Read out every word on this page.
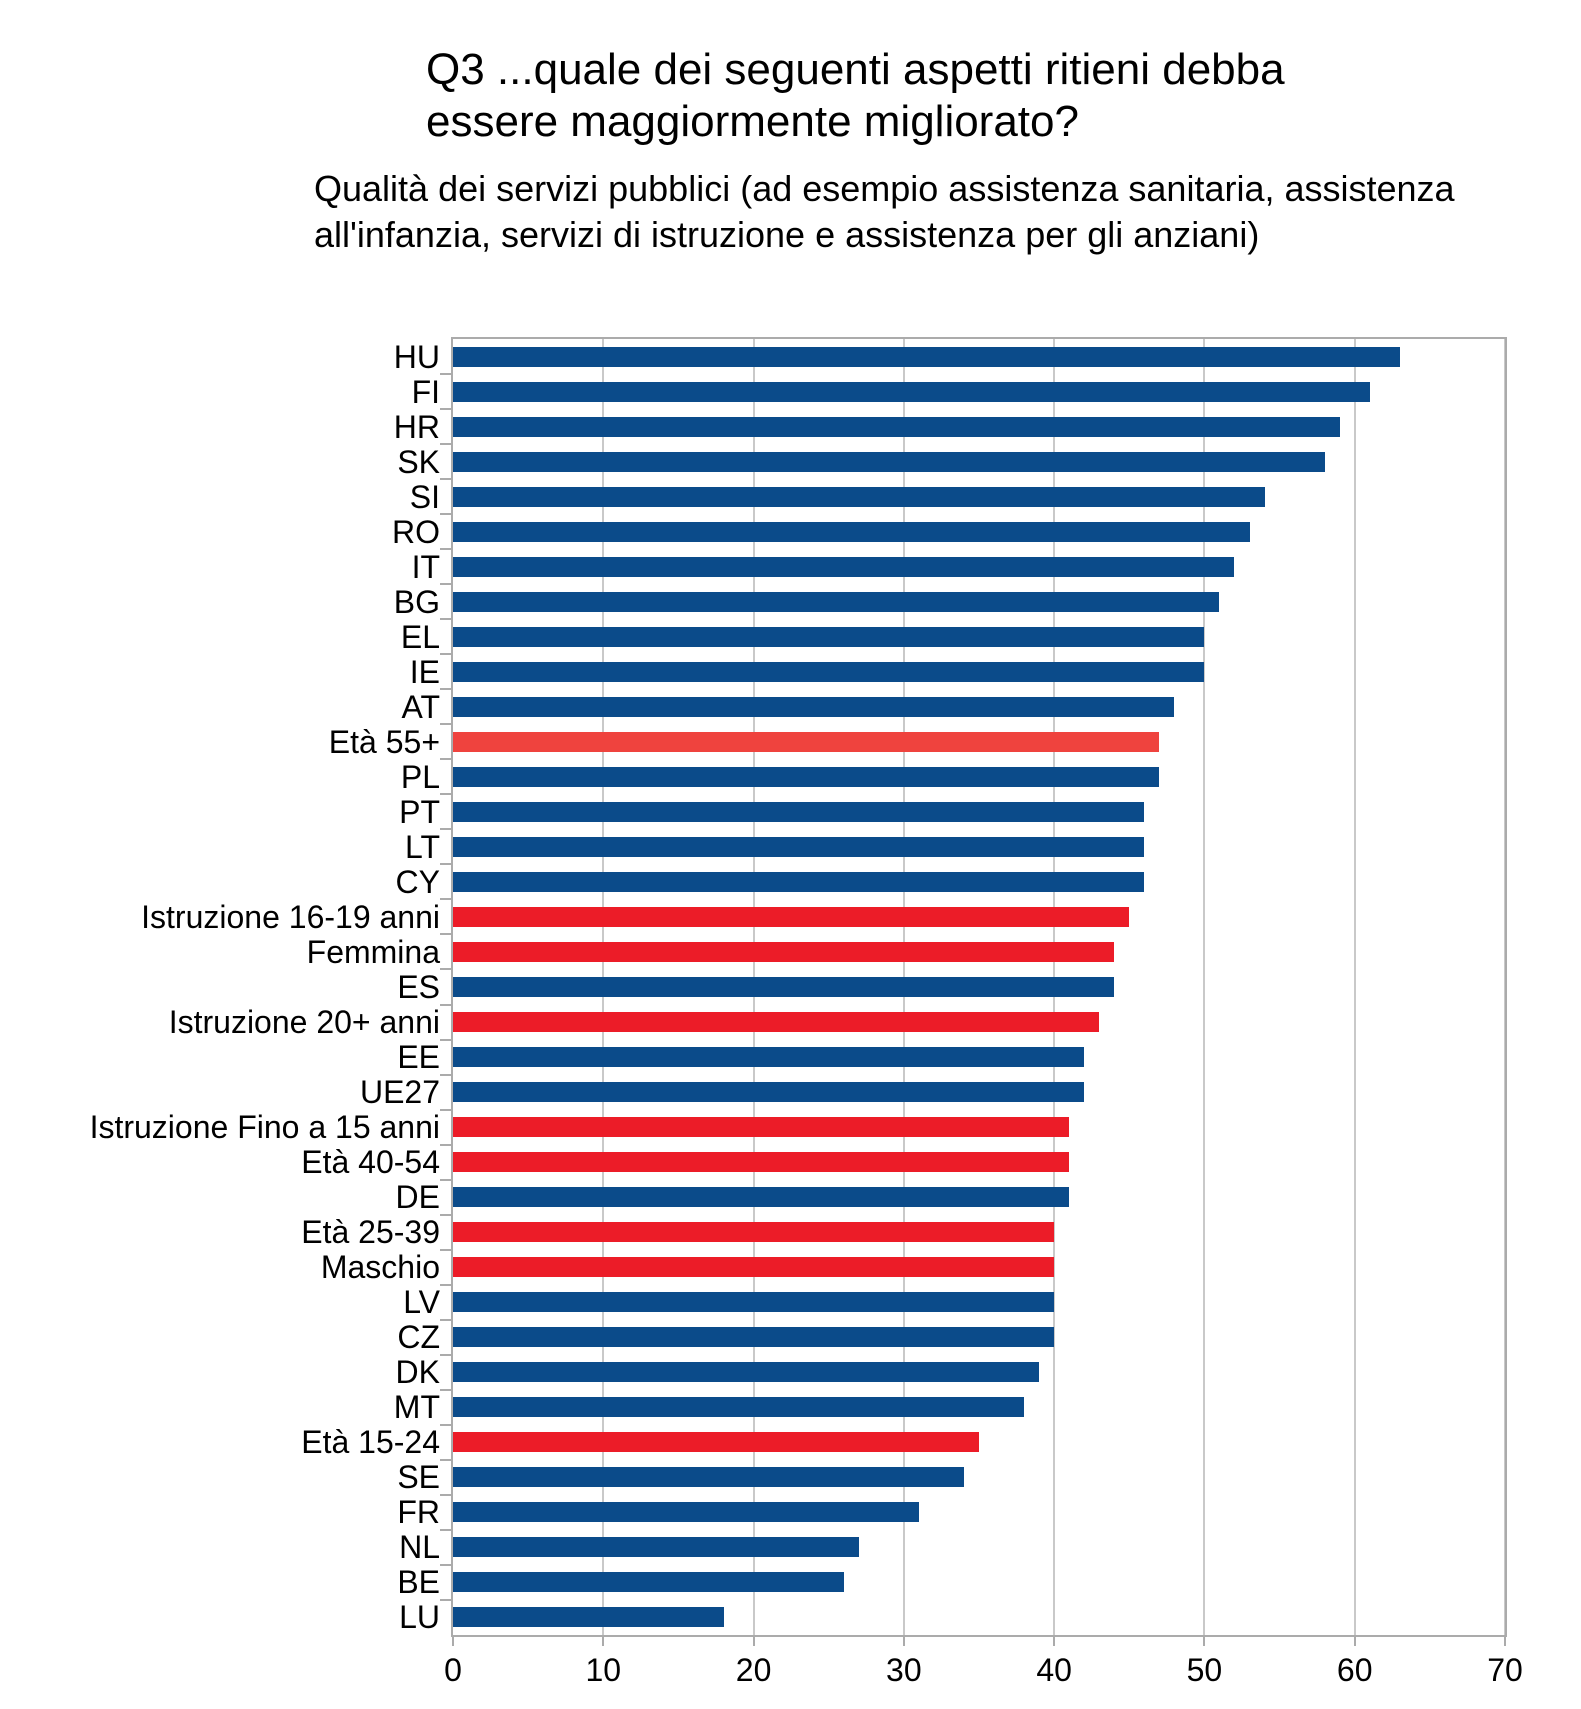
Q3 ...quale dei seguenti aspetti ritieni debba
essere maggiormente migliorato?
Qualità dei servizi pubblici (ad esempio assistenza sanitaria, assistenza
all'infanzia, servizi di istruzione e assistenza per gli anziani)
0	10	20	30	40	50	60	70
HU
FI
HR
SK
SI
RO
IT
BG
EL
IE
AT
Età 55+
PL
PT
LT
CY
Istruzione 16-19 anni
Femmina
ES
Istruzione 20+ anni
EE
UE27
Istruzione Fino a 15 anni
Età 40-54
DE
Età 25-39
Maschio
LV
CZ
DK
MT
Età 15-24
SE
FR
NL
BE
LU
